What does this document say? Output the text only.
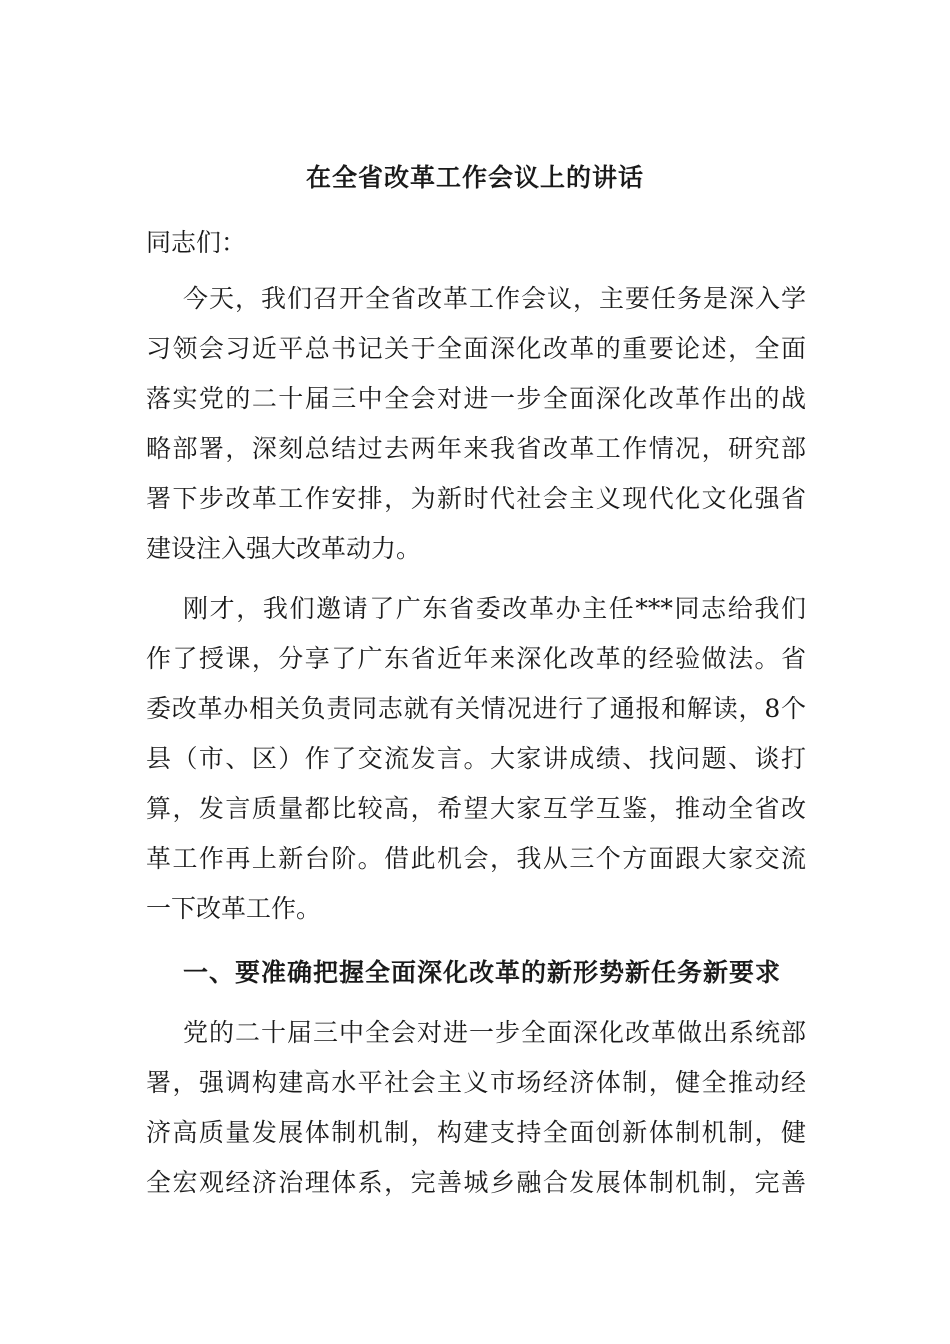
在全省改革工作会议上的讲话
同志们：
今天，我们召开全省改革工作会议，主要任务是深入学
习领会习近平总书记关于全面深化改革的重要论述，全面
落实党的二十届三中全会对进一步全面深化改革作出的战
略部署，深刻总结过去两年来我省改革工作情况，研究部
署下步改革工作安排，为新时代社会主义现代化文化强省
建设注入强大改革动力。
刚才，我们邀请了广东省委改革办主任***同志给我们
作了授课，分享了广东省近年来深化改革的经验做法。省
委改革办相关负责同志就有关情况进行了通报和解读，8个
县（市、区）作了交流发言。大家讲成绩、找问题、谈打
算，发言质量都比较高，希望大家互学互鉴，推动全省改
革工作再上新台阶。借此机会，我从三个方面跟大家交流
一下改革工作。
一、要准确把握全面深化改革的新形势新任务新要求
党的二十届三中全会对进一步全面深化改革做出系统部
署，强调构建高水平社会主义市场经济体制，健全推动经
济高质量发展体制机制，构建支持全面创新体制机制，健
全宏观经济治理体系，完善城乡融合发展体制机制，完善
